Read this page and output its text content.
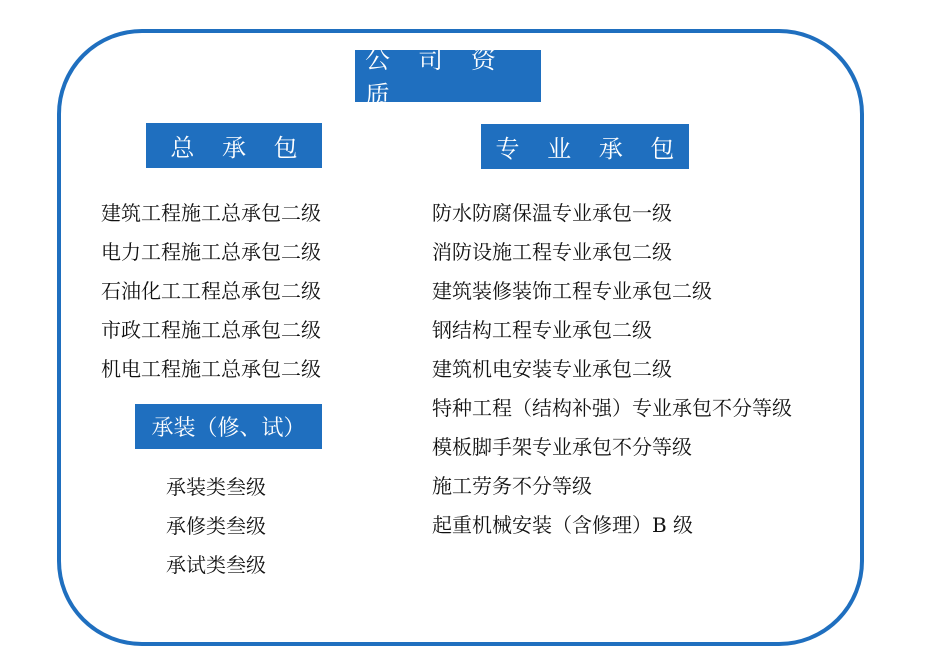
公 司 资 质
总 承 包	专 业 承 包
建筑工程施工总承包二级
电力工程施工总承包二级
石油化工工程总承包二级
市政工程施工总承包二级
机电工程施工总承包二级
防水防腐保温专业承包一级
消防设施工程专业承包二级
建筑装修装饰工程专业承包二级
钢结构工程专业承包二级
建筑机电安装专业承包二级
特种工程（结构补强）专业承包不分等级
模板脚手架专业承包不分等级
施工劳务不分等级
起重机械安装（含修理）B 级
承装（修、试）
承装类叁级
承修类叁级
承试类叁级
